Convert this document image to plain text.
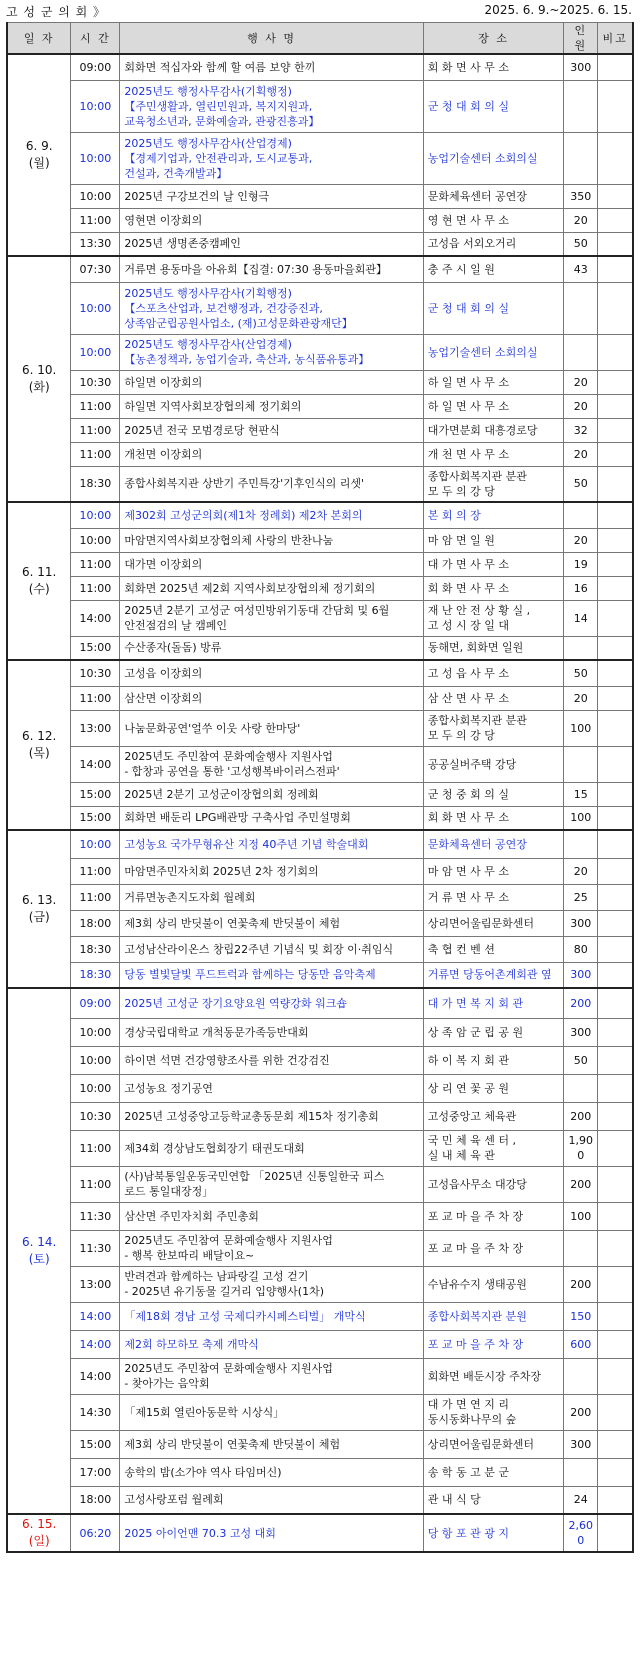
고 성 군 의 회 》	2025. 6. 9.~2025. 6. 15.
일 자	시 간	행 사 명	장 소	인원	비고
6. 9.
(월)	09:00	회화면 적십자와 함께 할 여름 보양 한끼	회 화 면 사 무 소	300	
	10:00	2025년도 행정사무감사(기획행정)
【주민생활과, 열린민원과, 복지지원과,
교육청소년과, 문화예술과, 관광진흥과】	군 청 대 회 의 실		
	10:00	2025년도 행정사무감사(산업경제)
【경제기업과, 안전관리과, 도시교통과,
건설과, 건축개발과】	농업기술센터 소회의실		
	10:00	2025년 구강보건의 날 인형극	문화체육센터 공연장	350	
	11:00	영현면 이장회의	영 현 면 사 무 소	20	
	13:30	2025년 생명존중캠페인	고성읍 서외오거리	50	
6. 10.
(화)	07:30	거류면 용동마을 아유회【집결: 07:30 용동마을회관】	충 주 시 일 원	43	
	10:00	2025년도 행정사무감사(기획행정)
【스포츠산업과, 보건행정과, 건강증진과,
상족암군립공원사업소, (재)고성문화관광재단】	군 청 대 회 의 실		
	10:00	2025년도 행정사무감사(산업경제)
【농촌정책과, 농업기술과, 축산과, 농식품유통과】	농업기술센터 소회의실		
	10:30	하일면 이장회의	하 일 면 사 무 소	20	
	11:00	하일면 지역사회보장협의체 정기회의	하 일 면 사 무 소	20	
	11:00	2025년 전국 모범경로당 현판식	대가면분회 대흥경로당	32	
	11:00	개천면 이장회의	개 천 면 사 무 소	20	
	18:30	종합사회복지관 상반기 주민특강'기후인식의 리셋'	종합사회복지관 분관
모 두 의 강 당	50	
6. 11.
(수)	10:00	제302회 고성군의회(제1차 정례회) 제2차 본회의	본 회 의 장		
	10:00	마암면지역사회보장협의체 사랑의 반찬나눔	마 암 면 일 원	20	
	11:00	대가면 이장회의	대 가 면 사 무 소	19	
	11:00	회화면 2025년 제2회 지역사회보장협의체 정기회의	회 화 면 사 무 소	16	
	14:00	2025년 2분기 고성군 여성민방위기동대 간담회 및 6월
안전점검의 날 캠페인	재 난 안 전 상 황 실 ,
고 성 시 장 일 대	14	
	15:00	수산종자(돌돔) 방류	동해면, 회화면 일원		
6. 12.
(목)	10:30	고성읍 이장회의	고 성 읍 사 무 소	50	
	11:00	삼산면 이장회의	삼 산 면 사 무 소	20	
	13:00	나눔문화공연'얼쑤 이웃 사랑 한마당'	종합사회복지관 분관
모 두 의 강 당	100	
	14:00	2025년도 주민참여 문화예술행사 지원사업
- 합창과 공연을 통한 '고성행복바이러스전파'	공공실버주택 강당		
	15:00	2025년 2분기 고성군이장협의회 정례회	군 청 중 회 의 실	15	
	15:00	회화면 배둔리 LPG배관망 구축사업 주민설명회	회 화 면 사 무 소	100	
6. 13.
(금)	10:00	고성농요 국가무형유산 지정 40주년 기념 학술대회	문화체육센터 공연장		
	11:00	마암면주민자치회 2025년 2차 정기회의	마 암 면 사 무 소	20	
	11:00	거류면농촌지도자회 월례회	거 류 면 사 무 소	25	
	18:00	제3회 상리 반딧불이 연꽃축제 반딧불이 체험	상리면어울림문화센터	300	
	18:30	고성남산라이온스 창립22주년 기념식 및 회장 이·취임식	축 협 컨 벤 션	80	
	18:30	당동 별빛달빛 푸드트럭과 함께하는 당동만 음악축제	거류면 당동어촌계회관 옆	300	
6. 14.
(토)	09:00	2025년 고성군 장기요양요원 역량강화 워크숍	대 가 면 복 지 회 관	200	
	10:00	경상국립대학교 개척동문가족등반대회	상 족 암 군 립 공 원	300	
	10:00	하이면 석면 건강영향조사를 위한 건강검진	하 이 복 지 회 관	50	
	10:00	고성농요 정기공연	상 리 연 꽃 공 원		
	10:30	2025년 고성중앙고등학교총동문회 제15차 정기총회	고성중앙고 체육관	200	
	11:00	제34회 경상남도협회장기 태권도대회	국 민 체 육 센 터 ,
실 내 체 육 관	1,90
0	
	11:00	(사)남북통일운동국민연합 「2025년 신통일한국 피스
로드 통일대장정」	고성읍사무소 대강당	200	
	11:30	삼산면 주민자치회 주민총회	포 교 마 을 주 차 장	100	
	11:30	2025년도 주민참여 문화예술행사 지원사업
- 행복 한보따리 배달이요~	포 교 마 을 주 차 장		
	13:00	반려견과 함께하는 남파랑길 고성 걷기
- 2025년 유기동물 길거리 입양행사(1차)	수남유수지 생태공원	200	
	14:00	「제18회 경남 고성 국제디카시페스티벌」 개막식	종합사회복지관 분원	150	
	14:00	제2회 하모하모 축제 개막식	포 교 마 을 주 차 장	600	
	14:00	2025년도 주민참여 문화예술행사 지원사업
- 찾아가는 음악회	회화면 배둔시장 주차장		
	14:30	「제15회 열린아동문학 시상식」	대 가 면 연 지 리
동시동화나무의 숲	200	
	15:00	제3회 상리 반딧불이 연꽃축제 반딧불이 체험	상리면어울림문화센터	300	
	17:00	송학의 밤(소가야 역사 타임머신)	송 학 동 고 분 군		
	18:00	고성사랑포럼 월례회	관 내 식 당	24	
6. 15.
(일)	06:20	2025 아이언맨 70.3 고성 대회	당 항 포 관 광 지	2,60
0	
